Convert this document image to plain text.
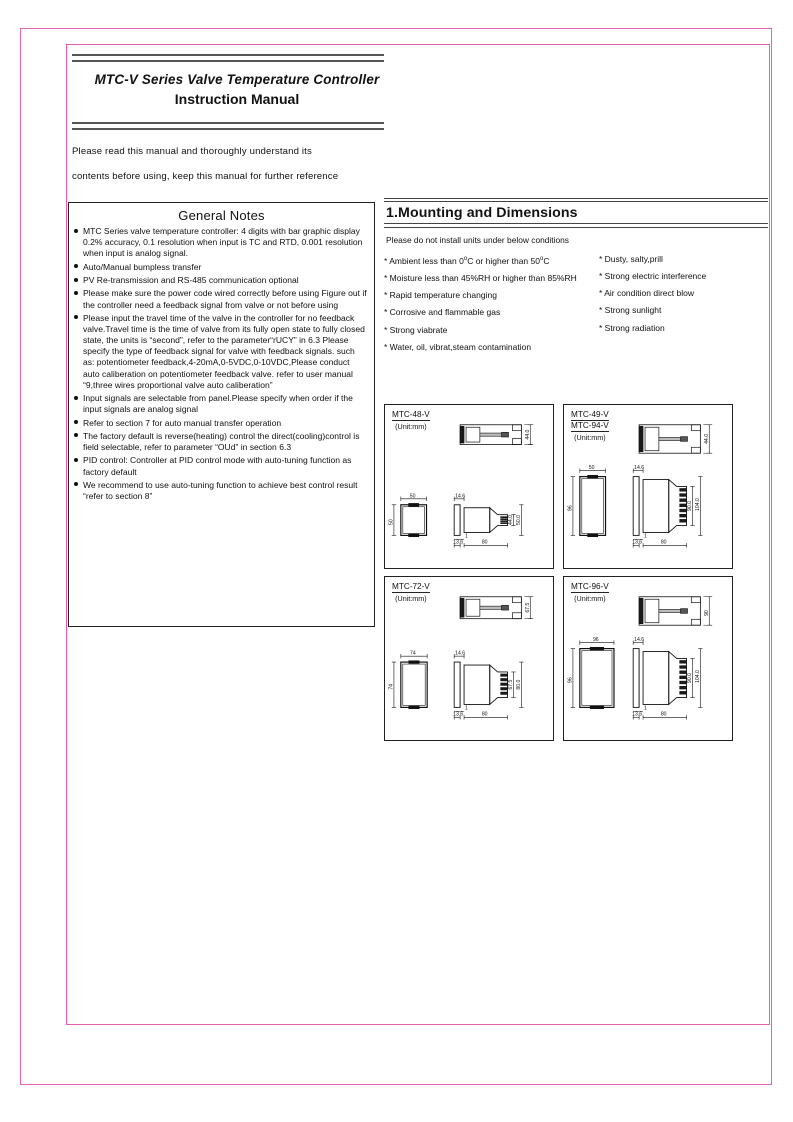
MTC-V Series Valve Temperature Controller
Instruction Manual
Please read this manual and thoroughly understand its
contents before using, keep this manual for further reference
General Notes
MTC Series valve temperature controller: 4 digits with bar graphic display 0.2% accuracy, 0.1 resolution when input is TC and RTD, 0.001 resolution when input is analog signal.
Auto/Manual bumpless transfer
PV Re-transmission and RS-485 communication optional
Please make sure the power code wired correctly before using Figure out if the controller need a feedback signal from valve or not before using
Please input the travel time of the valve in the controller for no feedback valve.Travel time is the time of valve from its fully open state to fully closed state, the units is “second”, refer to the parameter“rUCY” in 6.3 Please specify the type of feedback signal for valve with feedback signals. such as: potentiometer feedback,4-20mA,0-5VDC,0-10VDC,Please conduct auto caliberation on potentiometer feedback valve. refer to user manual “9,three wires proportional valve auto caliberation”
Input signals are selectable from panel.Please specify when order if the input signals are analog signal
Refer to section 7 for auto manual transfer operation
The factory default is reverse(heating) control the direct(cooling)control is field selectable, refer to parameter “OUd” in section 6.3
PID control: Controller at PID control mode with auto-tuning function as factory default
We recommend to use auto-tuning function to achieve best control result “refer to section 8”
1.Mounting and Dimensions
Please do not install units under below conditions
* Ambient less than 0$^o$C or higher than 50$^o$C
* Moisture less than 45%RH or higher than 85%RH
* Rapid temperature changing
* Corrosive and flammable gas
* Strong viabrate
* Water, oil, vibrat,steam contamination
* Dusty, salty,prill
* Strong electric interference
* Air condition direct blow
* Strong sunlight
* Strong radiation
MTC-48-V
(Unit:mm)
44.0
50
50
14.6
44.0 50.0
13.6	80
1
MTC-49-V
MTC-94-V
(Unit:mm)	44.0
50
96
14.6
90.0 104.0
13.6	80
1
MTC-72-V
(Unit:mm)
67.5
74
74
14.6
67.5 80.0
13.6	80
1
MTC-96-V
(Unit:mm)
90
96
96
14.6
90.0 104.0
13.6	80
1
